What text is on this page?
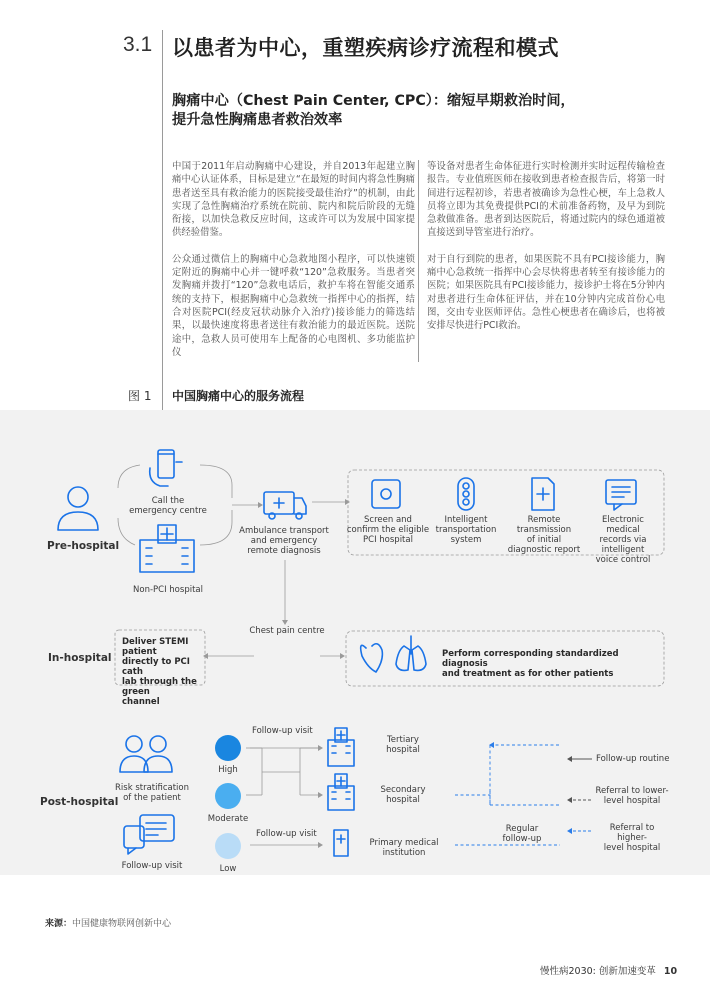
3.1 以患者为中心，重塑疾病诊疗流程和模式
胸痛中心（Chest Pain Center, CPC）：缩短早期救治时间，
提升急性胸痛患者救治效率

中国于2011年启动胸痛中心建设，并自2013年起建立胸痛中心认证体系，目标是建立“在最短的时间内将急性胸痛患者送至具有救治能力的医院接受最佳治疗”的机制，由此实现了急性胸痛治疗系统在院前、院内和院后阶段的无缝衔接，以加快急救反应时间，这或许可以为发展中国家提供经验借鉴。

公众通过微信上的胸痛中心急救地图小程序，可以快速锁定附近的胸痛中心并一键呼救“120”急救服务。当患者突发胸痛并拨打“120”急救电话后，救护车将在智能交通系统的支持下，根据胸痛中心急救统一指挥中心的指挥，结合对医院PCI(经皮冠状动脉介入治疗)接诊能力的筛选结果，以最快速度将患者送往有救治能力的最近医院。送院途中，急救人员可使用车上配备的心电图机、多功能监护仪

等设备对患者生命体征进行实时检测并实时远程传输检查报告。专业值班医师在接收到患者检查报告后，将第一时间进行远程初诊，若患者被确诊为急性心梗，车上急救人员将立即为其免费提供PCI的术前准备药物，及早为到院急救做准备。患者到达医院后，将通过院内的绿色通道被直接送到导管室进行治疗。

对于自行到院的患者，如果医院不具有PCI接诊能力，胸痛中心急救统一指挥中心会尽快将患者转至有接诊能力的医院；如果医院具有PCI接诊能力，接诊护士将在5分钟内对患者进行生命体征评估，并在10分钟内完成首份心电图，交由专业医师评估。急性心梗患者在确诊后，也将被安排尽快进行PCI救治。

图 1 中国胸痛中心的服务流程
Pre-hospital
In-hospital
Post-hospital
Call the
emergency centre
Non-PCI hospital
Ambulance transport
and emergency
remote diagnosis
Screen and
confirm the eligible
PCI hospital
Intelligent
transportation
system
Remote
transmission
of initial
diagnostic report
Electronic medical
records via
intelligent
voice control
Chest pain centre
Deliver STEMI patient
directly to PCI cath
lab through the green
channel
Perform corresponding standardized diagnosis
and treatment as for other patients
Risk stratification
of the patient
Follow-up visit
Follow-up visit
Follow-up visit
High
Moderate
Low
Tertiary
hospital
Secondary
hospital
Primary medical
institution
Regular
follow-up
Follow-up routine
Referral to lower-
level hospital
Referral to higher-
level hospital
来源：中国健康物联网创新中心
慢性病2030: 创新加速变革 10
